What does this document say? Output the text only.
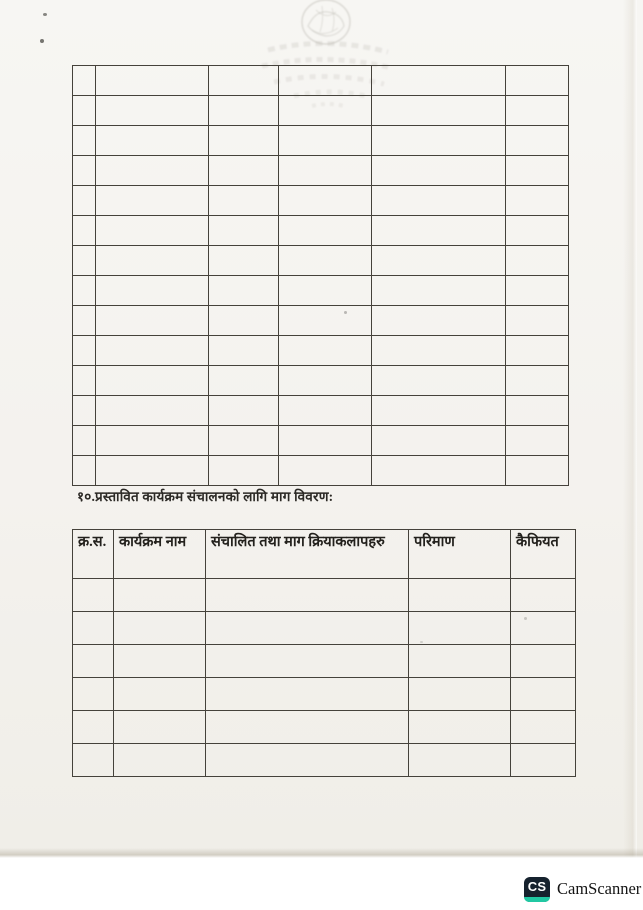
१०.प्रस्तावित कार्यक्रम संचालनको लागि माग विवरण:
क्र.स.	कार्यक्रम नाम	संचालित तथा माग क्रियाकलापहरु	परिमाण	कैफियत

CS CamScanner
